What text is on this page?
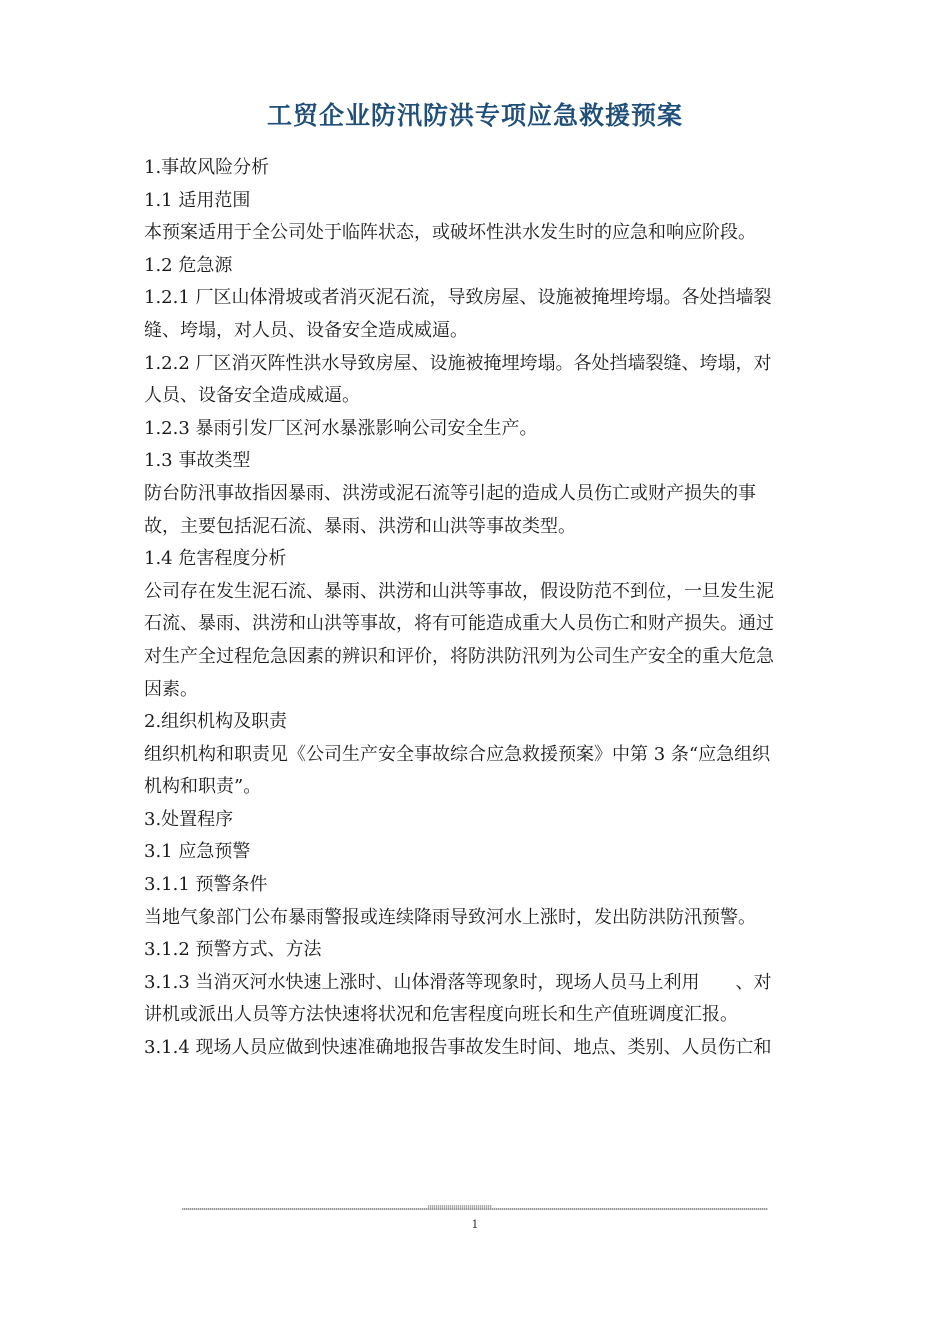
工贸企业防汛防洪专项应急救援预案

1.事故风险分析

1.1 适用范围

本预案适用于全公司处于临阵状态，或破坏性洪水发生时的应急和响应阶段。

1.2 危急源

1.2.1 厂区山体滑坡或者消灭泥石流，导致房屋、设施被掩埋垮塌。各处挡墙裂

缝、垮塌，对人员、设备安全造成威逼。

1.2.2 厂区消灭阵性洪水导致房屋、设施被掩埋垮塌。各处挡墙裂缝、垮塌，对

人员、设备安全造成威逼。

1.2.3 暴雨引发厂区河水暴涨影响公司安全生产。

1.3 事故类型

防台防汛事故指因暴雨、洪涝或泥石流等引起的造成人员伤亡或财产损失的事

故，主要包括泥石流、暴雨、洪涝和山洪等事故类型。

1.4 危害程度分析

公司存在发生泥石流、暴雨、洪涝和山洪等事故，假设防范不到位，一旦发生泥

石流、暴雨、洪涝和山洪等事故，将有可能造成重大人员伤亡和财产损失。通过

对生产全过程危急因素的辨识和评价，将防洪防汛列为公司生产安全的重大危急

因素。

2.组织机构及职责

组织机构和职责见《公司生产安全事故综合应急救援预案》中第 3 条“应急组织

机构和职责”。

3.处置程序

3.1 应急预警

3.1.1 预警条件

当地气象部门公布暴雨警报或连续降雨导致河水上涨时，发出防洪防汛预警。

3.1.2 预警方式、方法

3.1.3 当消灭河水快速上涨时、山体滑落等现象时，现场人员马上利用　　、对

讲机或派出人员等方法快速将状况和危害程度向班长和生产值班调度汇报。

3.1.4 现场人员应做到快速准确地报告事故发生时间、地点、类别、人员伤亡和

1
